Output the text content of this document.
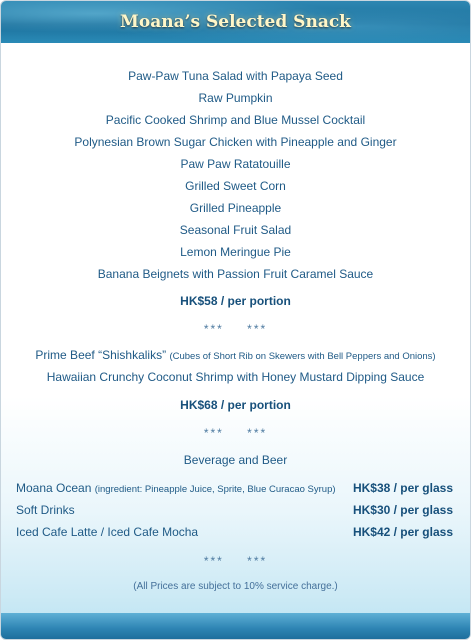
Moana’s Selected Snack
Paw-Paw Tuna Salad with Papaya Seed
Raw Pumpkin
Pacific Cooked Shrimp and Blue Mussel Cocktail
Polynesian Brown Sugar Chicken with Pineapple and Ginger
Paw Paw Ratatouille
Grilled Sweet Corn
Grilled Pineapple
Seasonal Fruit Salad
Lemon Meringue Pie
Banana Beignets with Passion Fruit Caramel Sauce
HK$58 / per portion
*** ***
Prime Beef “Shishkaliks” (Cubes of Short Rib on Skewers with Bell Peppers and Onions)
Hawaiian Crunchy Coconut Shrimp with Honey Mustard Dipping Sauce
HK$68 / per portion
*** ***
Beverage and Beer
Moana Ocean (ingredient: Pineapple Juice, Sprite, Blue Curacao Syrup) HK$38 / per glass
Soft Drinks	HK$30 / per glass
Iced Cafe Latte / Iced Cafe Mocha	HK$42 / per glass
*** ***
(All Prices are subject to 10% service charge.)
